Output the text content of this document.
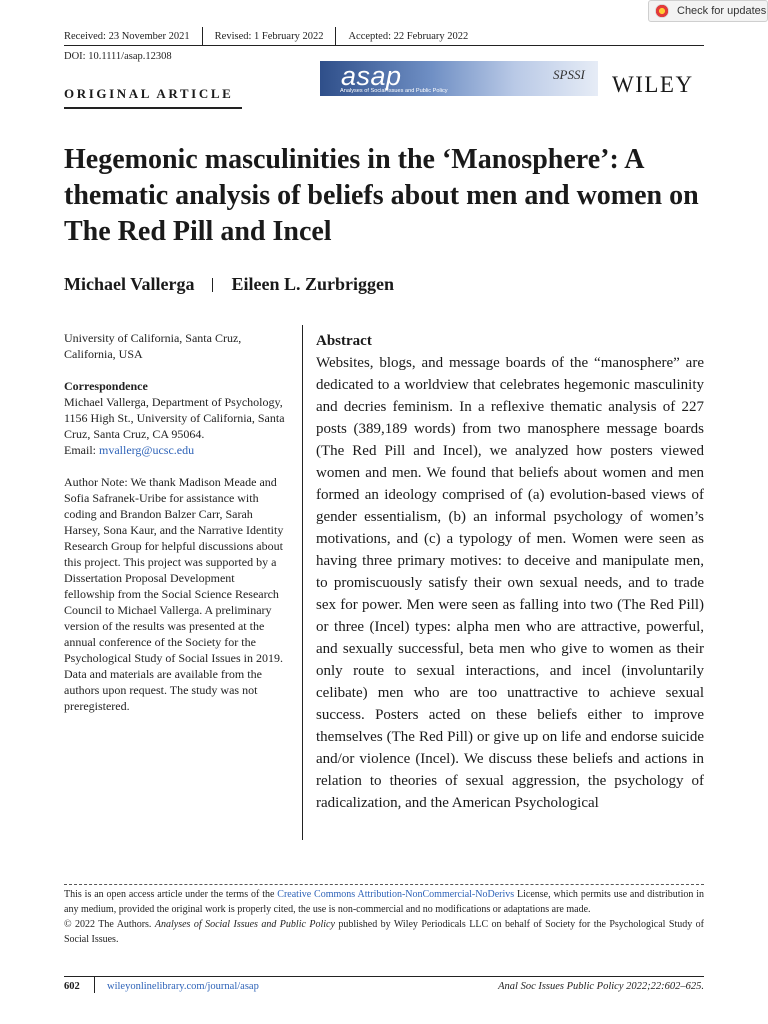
Check for updates
Received: 23 November 2021 Revised: 1 February 2022 Accepted: 22 February 2022
DOI: 10.1111/asap.12308
ORIGINAL ARTICLE
asap
Analyses of Social Issues and Public Policy
SPSSI	WILEY
Hegemonic masculinities in the ‘Manosphere’: A thematic analysis of beliefs about men and women on The Red Pill and Incel
Michael Vallerga Eileen L. Zurbriggen

University of California, Santa Cruz, California, USA

Correspondence

Michael Vallerga, Department of Psychology, 1156 High St., University of California, Santa Cruz, Santa Cruz, CA 95064.

Email: mvallerg@ucsc.edu

Author Note: We thank Madison Meade and Sofia Safranek-Uribe for assistance with coding and Brandon Balzer Carr, Sarah Harsey, Sona Kaur, and the Narrative Identity Research Group for helpful discussions about this project. This project was supported by a Dissertation Proposal Development fellowship from the Social Science Research Council to Michael Vallerga. A preliminary version of the results was presented at the annual conference of the Society for the Psychological Study of Social Issues in 2019. Data and materials are available from the authors upon request. The study was not preregistered.

Abstract
Websites, blogs, and message boards of the “manosphere” are dedicated to a worldview that celebrates hegemonic masculinity and decries feminism. In a reflexive thematic analysis of 227 posts (389,189 words) from two manosphere message boards (The Red Pill and Incel), we analyzed how posters viewed women and men. We found that beliefs about women and men formed an ideology comprised of (a) evolution-based views of gender essentialism, (b) an informal psychology of women’s motivations, and (c) a typology of men. Women were seen as having three primary motives: to deceive and manipulate men, to promiscuously satisfy their own sexual needs, and to trade sex for power. Men were seen as falling into two (The Red Pill) or three (Incel) types: alpha men who are attractive, powerful, and sexually successful, beta men who give to women as their only route to sexual interactions, and incel (involuntarily celibate) men who are too unattractive to achieve sexual success. Posters acted on these beliefs either to improve themselves (The Red Pill) or give up on life and endorse suicide and/or violence (Incel). We discuss these beliefs and actions in relation to theories of sexual aggression, the psychology of radicalization, and the American Psychological

This is an open access article under the terms of the Creative Commons Attribution-NonCommercial-NoDerivs License, which permits use and distribution in any medium, provided the original work is properly cited, the use is non-commercial and no modifications or adaptations are made.

© 2022 The Authors. Analyses of Social Issues and Public Policy published by Wiley Periodicals LLC on behalf of Society for the Psychological Study of Social Issues.

602	wileyonlinelibrary.com/journal/asap	Anal Soc Issues Public Policy 2022;22:602–625.
